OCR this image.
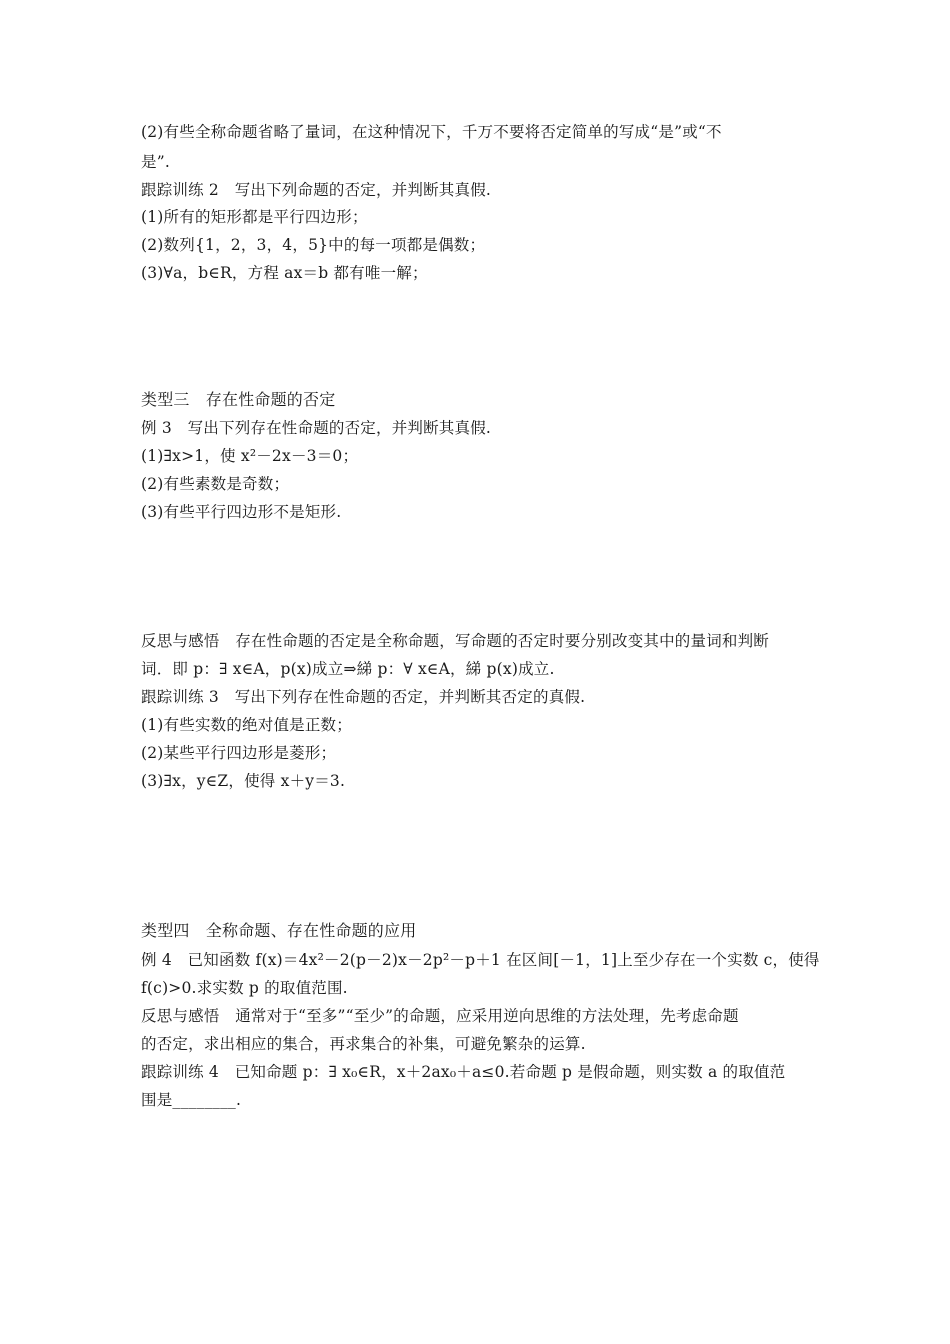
(2)有些全称命题省略了量词，在这种情况下，千万不要将否定简单的写成“是”或“不
是”.
跟踪训练 2　写出下列命题的否定，并判断其真假.
(1)所有的矩形都是平行四边形；
(2)数列{1，2，3，4，5}中的每一项都是偶数；
(3)∀a，b∈R，方程 ax＝b 都有唯一解；
类型三　存在性命题的否定
例 3　写出下列存在性命题的否定，并判断其真假.
(1)∃x>1，使 x²－2x－3＝0；
(2)有些素数是奇数；
(3)有些平行四边形不是矩形.
反思与感悟　存在性命题的否定是全称命题，写命题的否定时要分别改变其中的量词和判断
词．即 p：∃ x∈A，p(x)成立⇒綈 p：∀ x∈A，綈 p(x)成立.
跟踪训练 3　写出下列存在性命题的否定，并判断其否定的真假.
(1)有些实数的绝对值是正数；
(2)某些平行四边形是菱形；
(3)∃x，y∈Z，使得 x＋y＝3.
类型四　全称命题、存在性命题的应用
例 4　已知函数 f(x)＝4x²－2(p－2)x－2p²－p＋1 在区间[－1，1]上至少存在一个实数 c，使得
f(c)>0.求实数 p 的取值范围.
反思与感悟　通常对于“至多”“至少”的命题，应采用逆向思维的方法处理，先考虑命题
的否定，求出相应的集合，再求集合的补集，可避免繁杂的运算.
跟踪训练 4　已知命题 p：∃ x₀∈R，x＋2ax₀＋a≤0.若命题 p 是假命题，则实数 a 的取值范
围是________.
